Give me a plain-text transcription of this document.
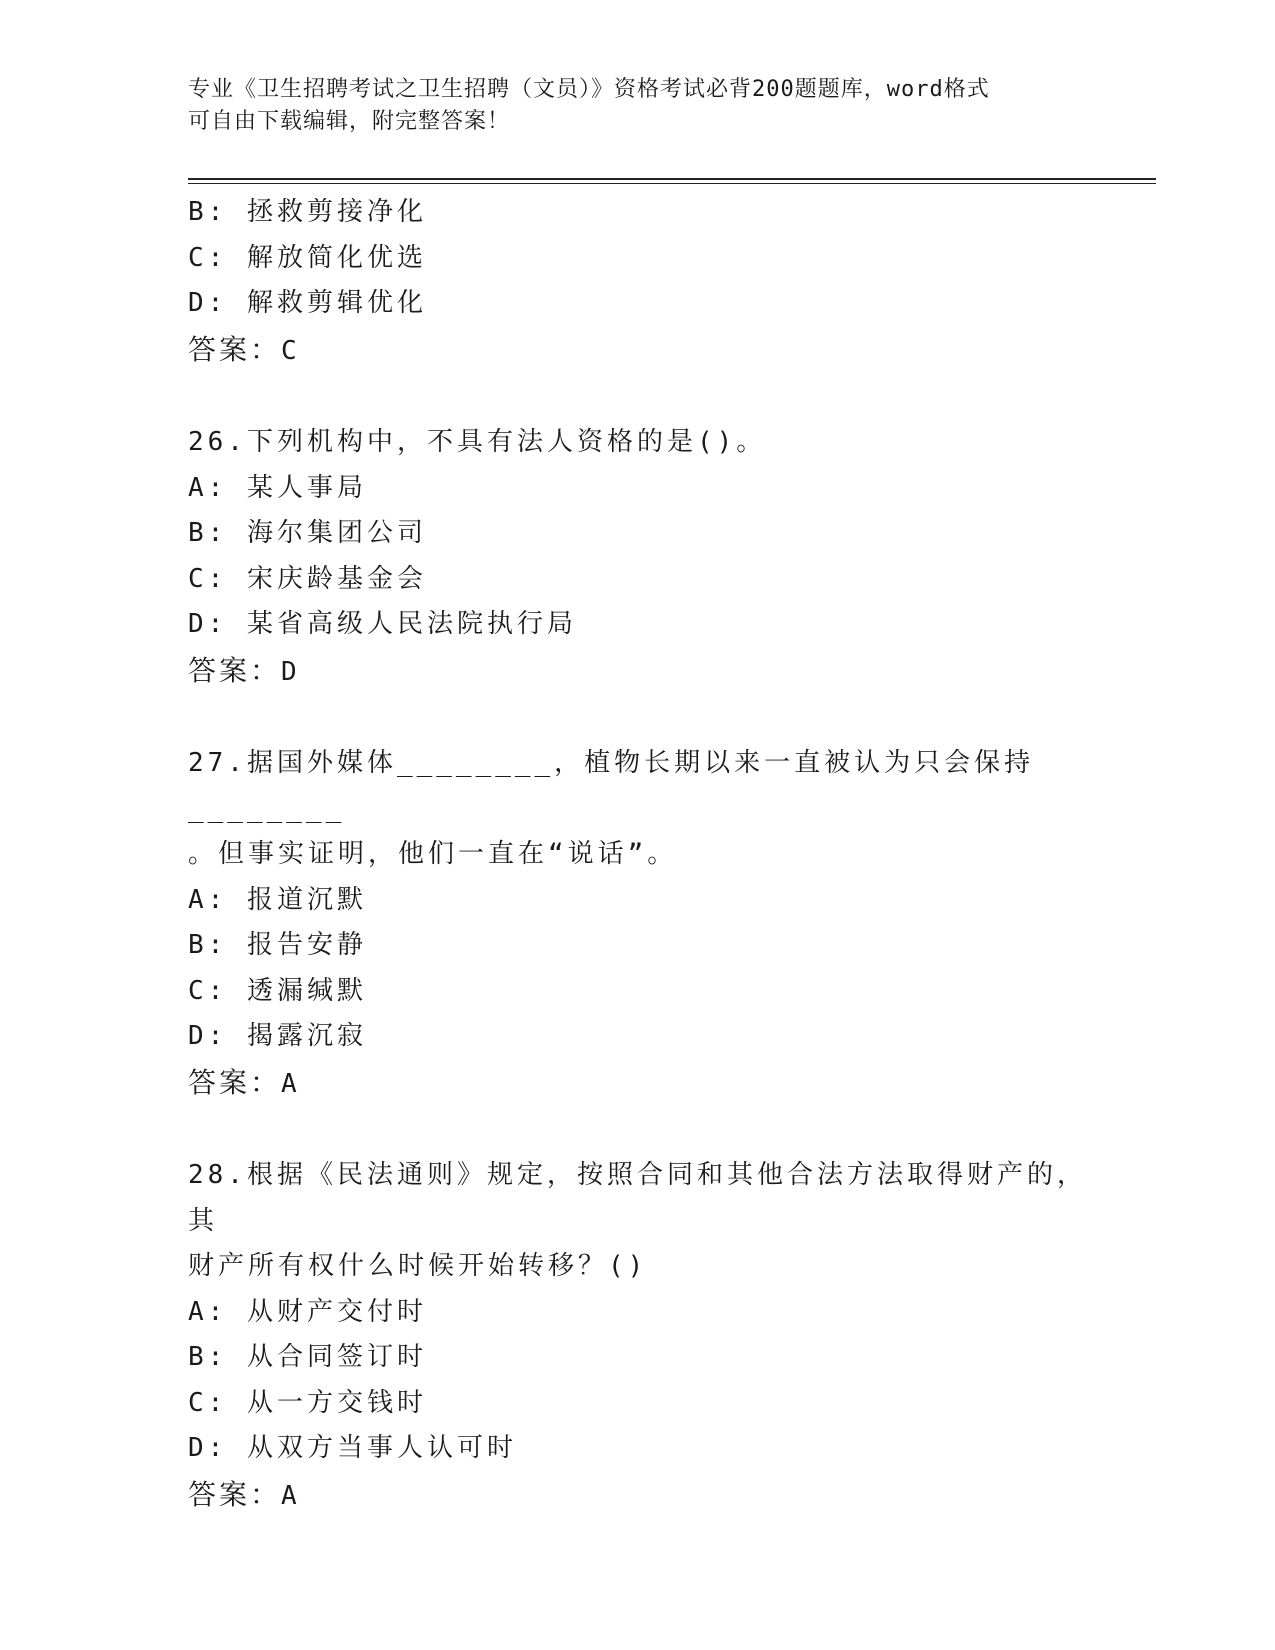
专业《卫生招聘考试之卫生招聘（文员）》资格考试必背200题题库，word格式
可自由下载编辑，附完整答案！
B: 拯救剪接净化
C: 解放简化优选
D: 解救剪辑优化
答案：C
26.下列机构中，不具有法人资格的是()。
A: 某人事局
B: 海尔集团公司
C: 宋庆龄基金会
D: 某省高级人民法院执行局
答案：D
27.据国外媒体________，植物长期以来一直被认为只会保持________
。但事实证明，他们一直在“说话”。
A: 报道沉默
B: 报告安静
C: 透漏缄默
D: 揭露沉寂
答案：A
28.根据《民法通则》规定，按照合同和其他合法方法取得财产的，其
财产所有权什么时候开始转移？()
A: 从财产交付时
B: 从合同签订时
C: 从一方交钱时
D: 从双方当事人认可时
答案：A
